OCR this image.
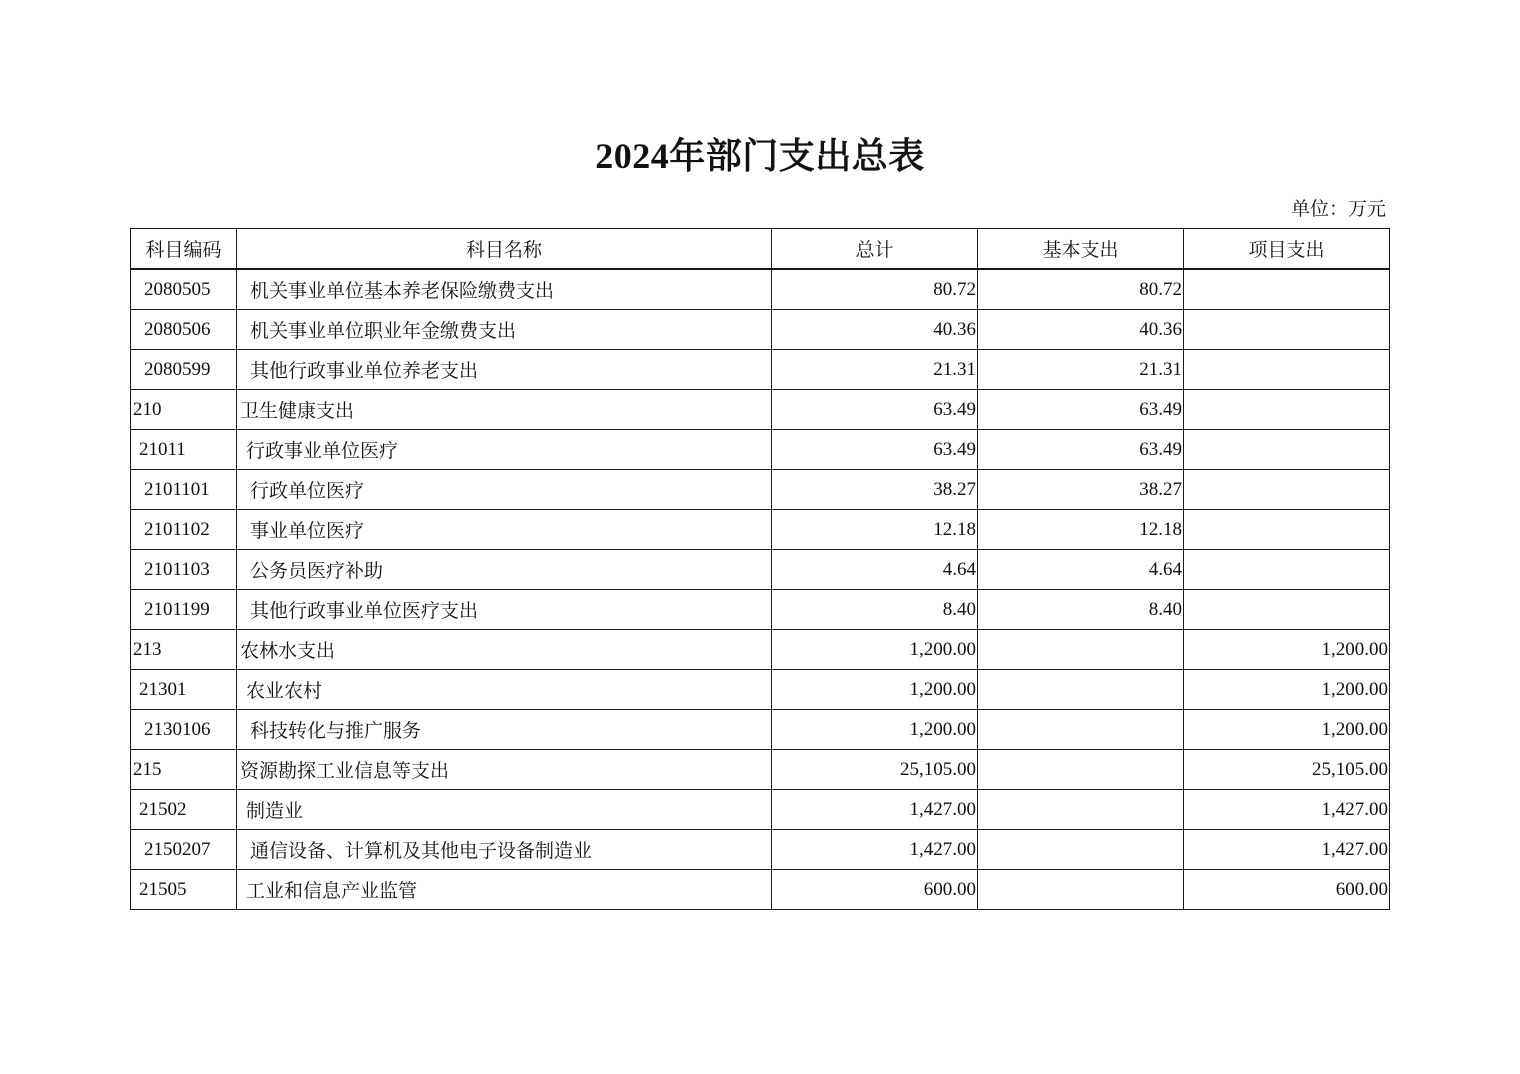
2024年部门支出总表
单位：万元
科目编码	科目名称	总计	基本支出	项目支出
2080505	机关事业单位基本养老保险缴费支出	80.72	80.72	
2080506	机关事业单位职业年金缴费支出	40.36	40.36	
2080599	其他行政事业单位养老支出	21.31	21.31	
210	卫生健康支出	63.49	63.49	
21011	行政事业单位医疗	63.49	63.49	
2101101	行政单位医疗	38.27	38.27	
2101102	事业单位医疗	12.18	12.18	
2101103	公务员医疗补助	4.64	4.64	
2101199	其他行政事业单位医疗支出	8.40	8.40	
213	农林水支出	1,200.00		1,200.00
21301	农业农村	1,200.00		1,200.00
2130106	科技转化与推广服务	1,200.00		1,200.00
215	资源勘探工业信息等支出	25,105.00		25,105.00
21502	制造业	1,427.00		1,427.00
2150207	通信设备、计算机及其他电子设备制造业	1,427.00		1,427.00
21505	工业和信息产业监管	600.00		600.00
